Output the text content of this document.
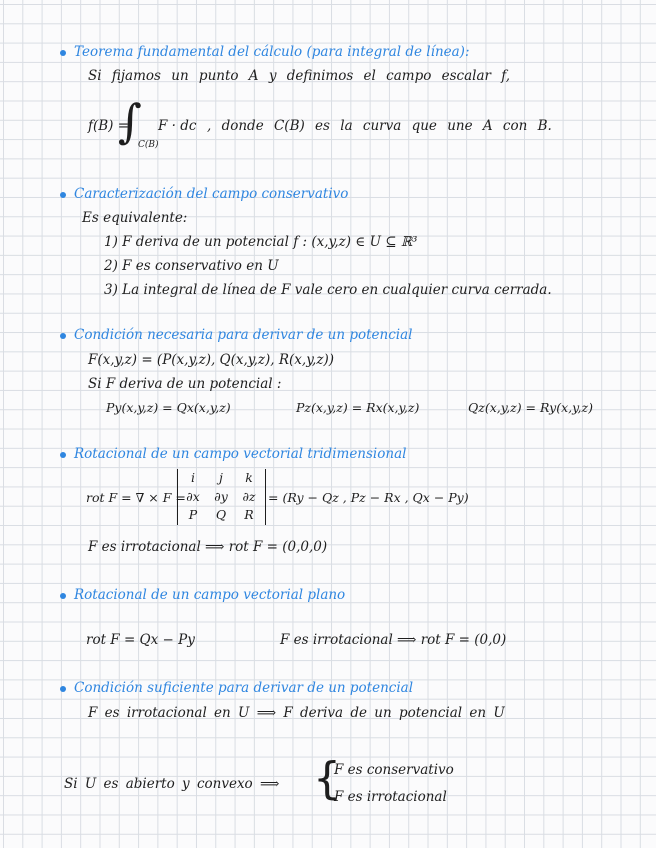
Teorema fundamental del cálculo (para integral de línea):
Si fijamos un punto A y definimos el campo escalar f,
f(B) =
∫
C(B)
F · dc , donde C(B) es la curva que une A con B.
Caracterización del campo conservativo
Es equivalente:
1) F deriva de un potencial f : (x,y,z) ∈ U ⊆ ℝ³
2) F es conservativo en U
3) La integral de línea de F vale cero en cualquier curva cerrada.
Condición necesaria para derivar de un potencial
F(x,y,z) = (P(x,y,z), Q(x,y,z), R(x,y,z))
Si F deriva de un potencial :
Py(x,y,z) = Qx(x,y,z)	Pz(x,y,z) = Rx(x,y,z)	Qz(x,y,z) = Ry(x,y,z)
Rotacional de un campo vectorial tridimensional
rot F = ∇ × F =
i	j	k
∂x	∂y	∂z
P	Q	R
= (Ry − Qz , Pz − Rx , Qx − Py)
F es irrotacional ⟹ rot F = (0,0,0)
Rotacional de un campo vectorial plano
rot F = Qx − Py	F es irrotacional ⟹ rot F = (0,0)
Condición suficiente para derivar de un potencial
F es irrotacional en U ⟹ F deriva de un potencial en U
Si U es abierto y convexo ⟹ {
F es conservativo
F es irrotacional
